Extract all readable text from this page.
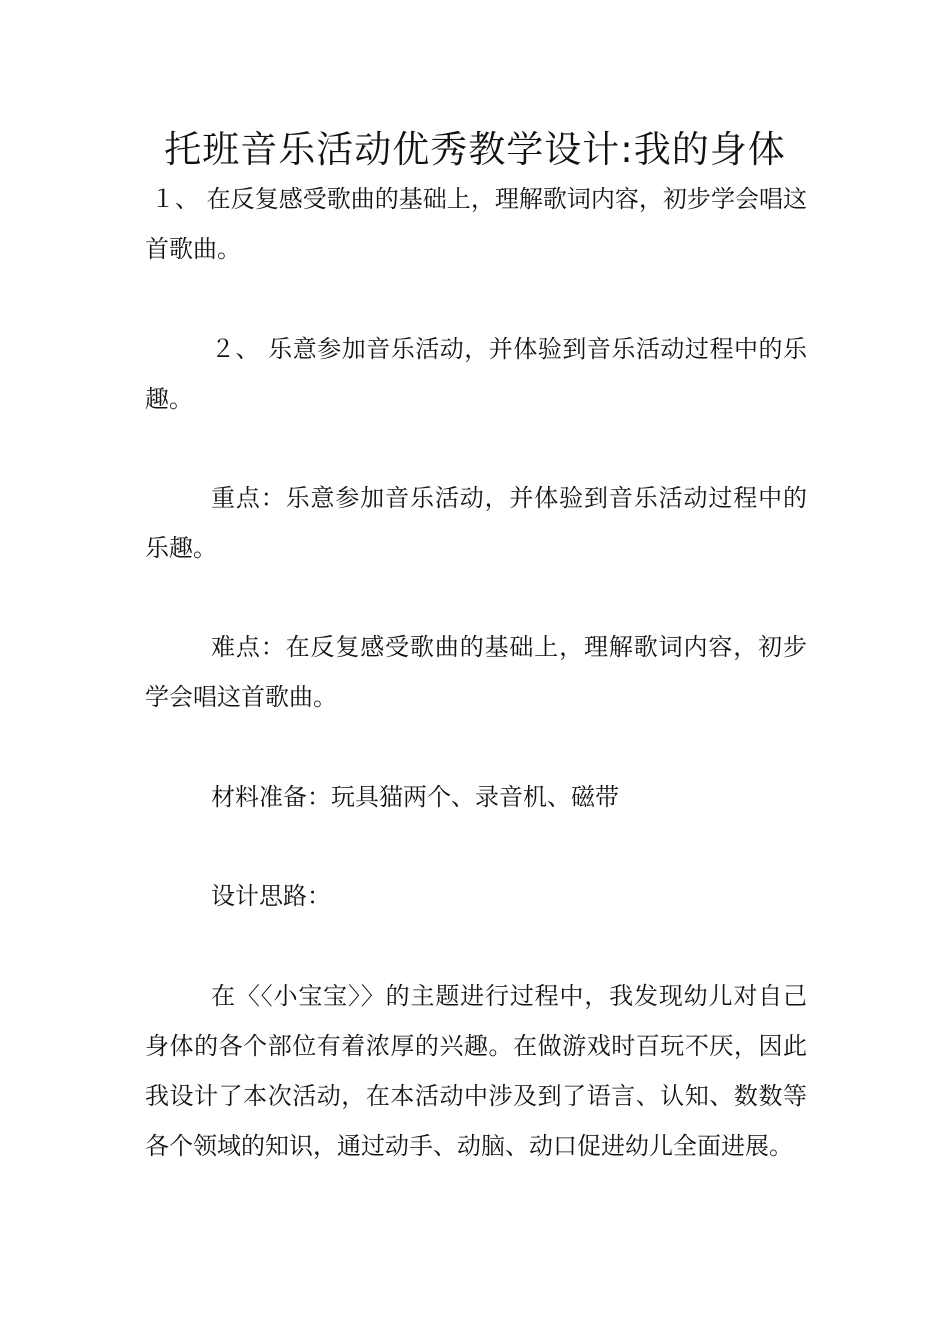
托班音乐活动优秀教学设计:我的身体

１、 在反复感受歌曲的基础上，理解歌词内容，初步学会唱这首歌曲。

２、 乐意参加音乐活动，并体验到音乐活动过程中的乐趣。

重点：乐意参加音乐活动，并体验到音乐活动过程中的乐趣。

难点：在反复感受歌曲的基础上，理解歌词内容，初步学会唱这首歌曲。

材料准备：玩具猫两个、录音机、磁带

设计思路：

在〈〈小宝宝〉〉的主题进行过程中，我发现幼儿对自己身体的各个部位有着浓厚的兴趣。在做游戏时百玩不厌，因此我设计了本次活动，在本活动中涉及到了语言、认知、数数等各个领域的知识，通过动手、动脑、动口促进幼儿全面进展。
